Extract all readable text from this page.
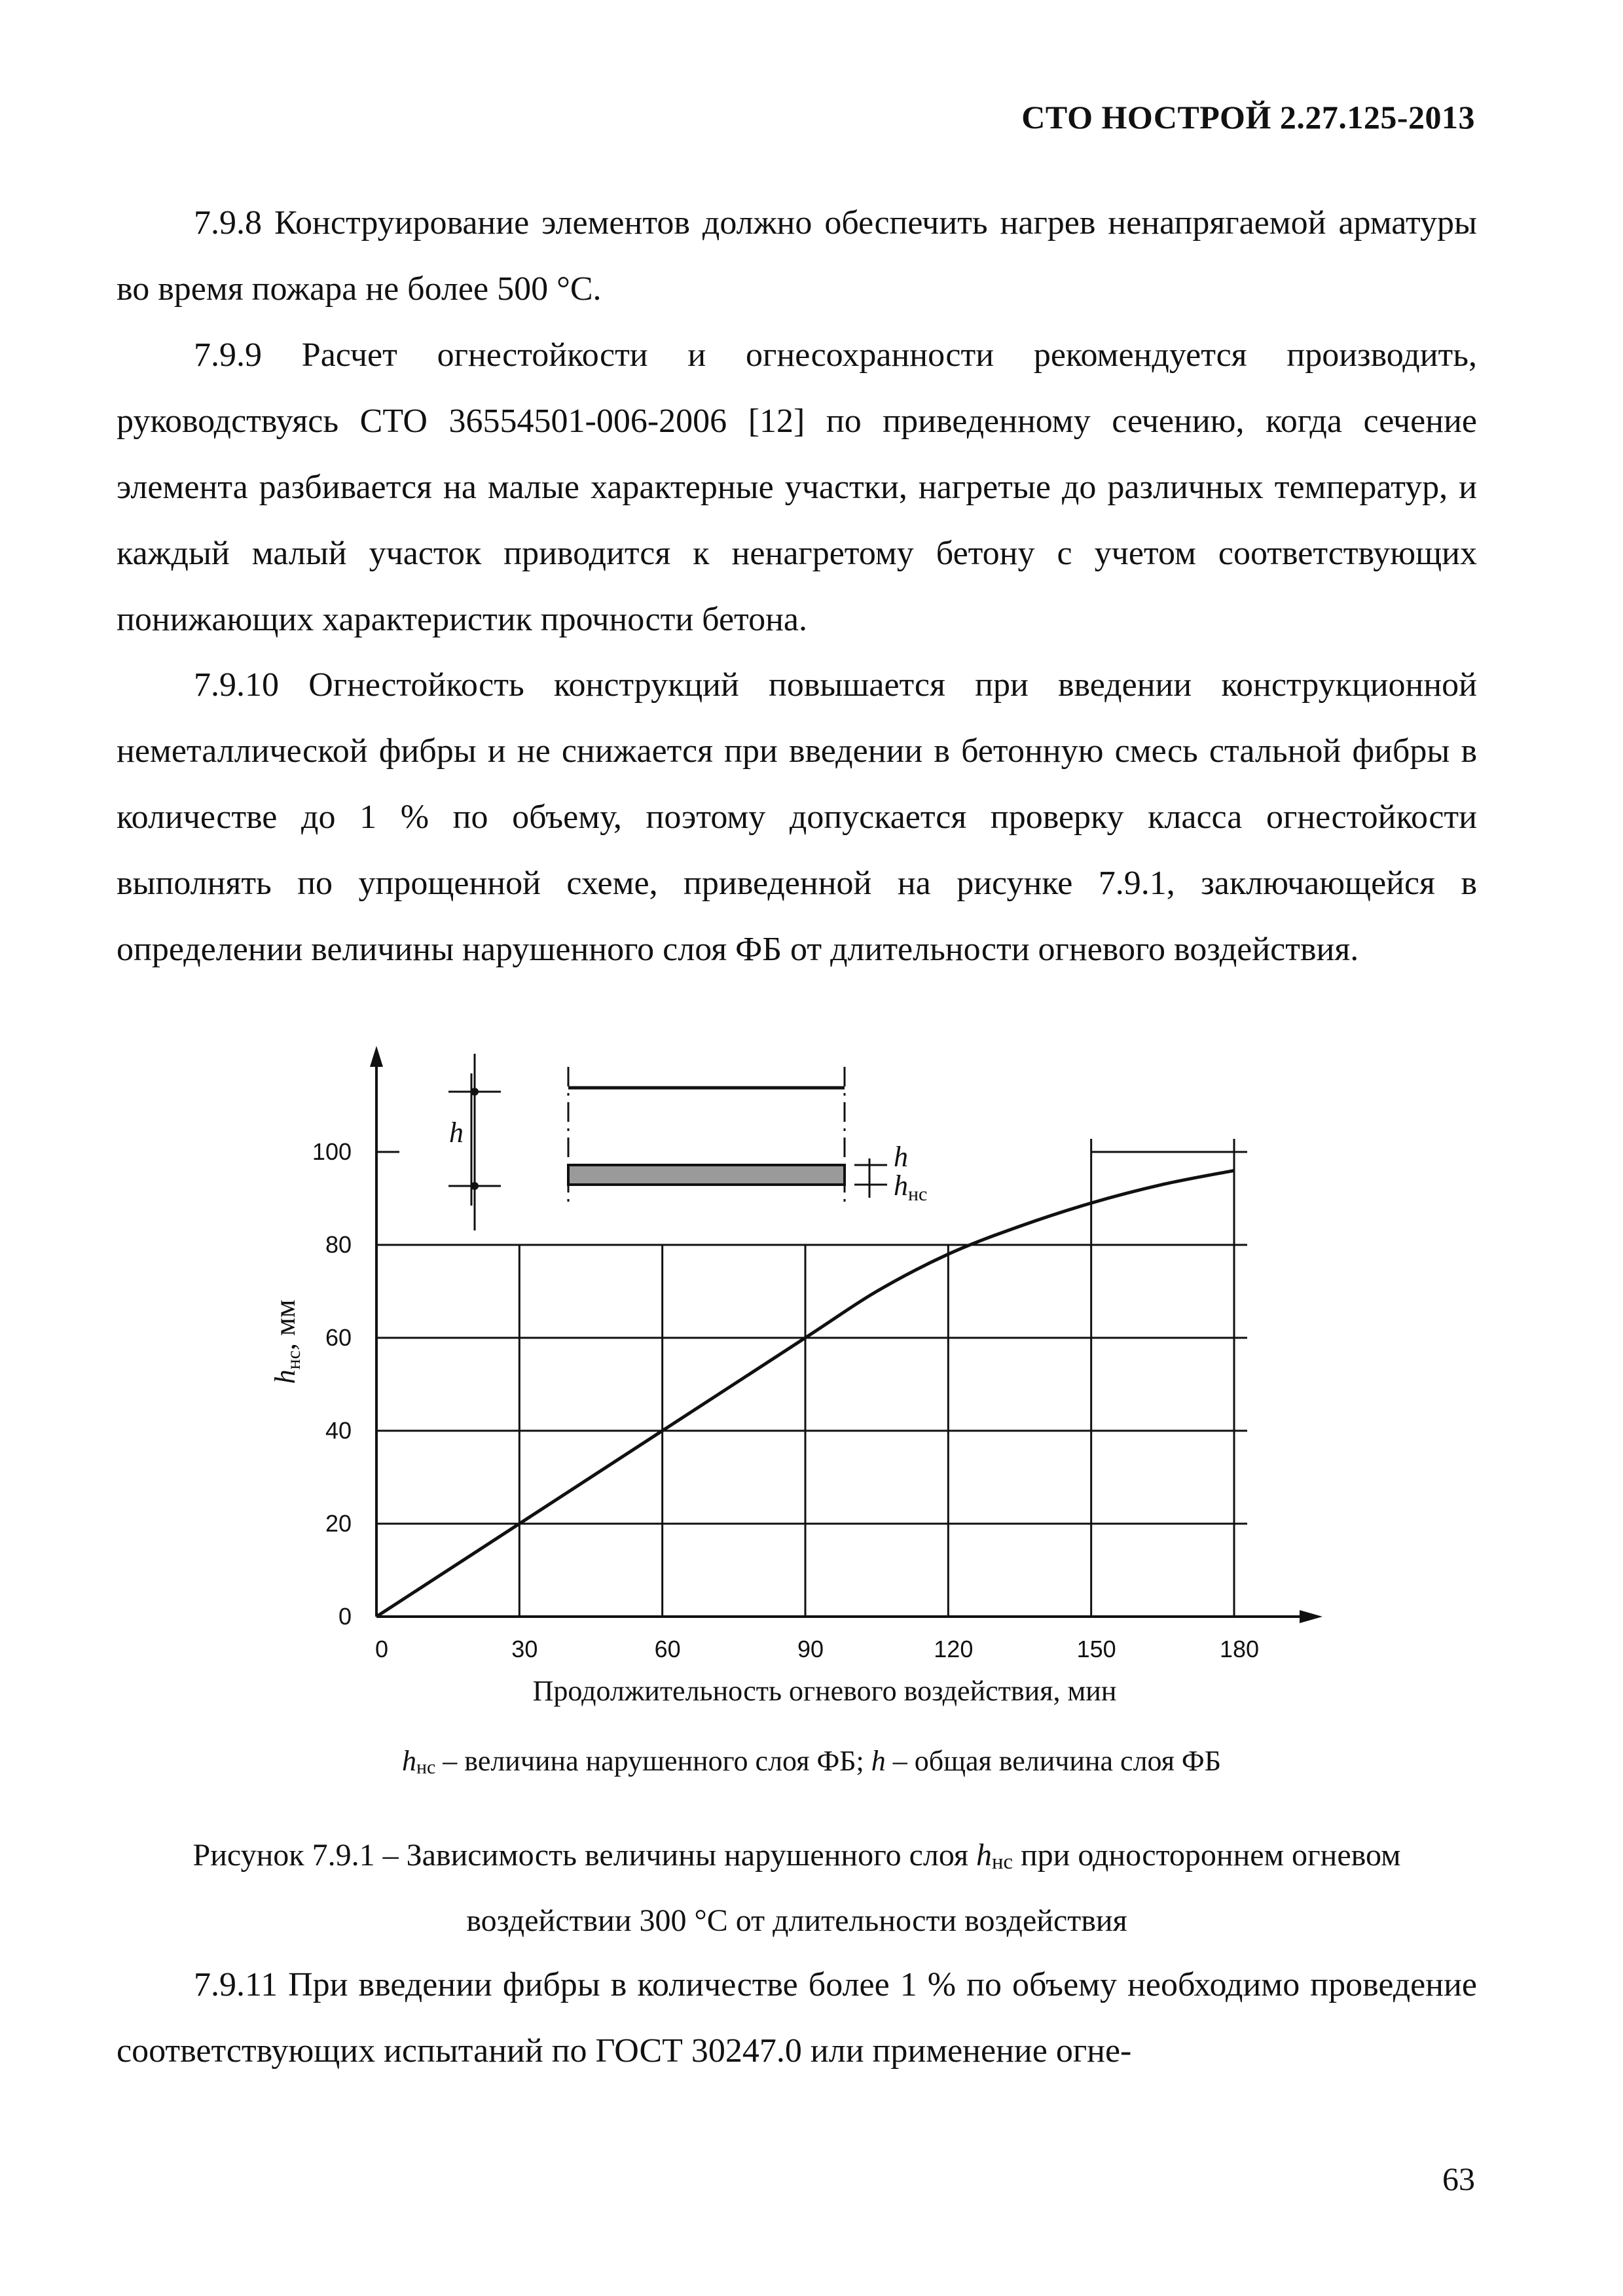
СТО НОСТРОЙ 2.27.125-2013

7.9.8 Конструирование элементов должно обеспечить нагрев ненапрягаемой арматуры во время пожара не более 500 °С.

7.9.9 Расчет огнестойкости и огнесохранности рекомендуется производить, руководствуясь СТО 36554501-006-2006 [12] по приведенному сечению, когда сечение элемента разбивается на малые характерные участки, нагретые до различных температур, и каждый малый участок приводится к ненагретому бетону с учетом соответствующих понижающих характеристик прочности бетона.

7.9.10 Огнестойкость конструкций повышается при введении конструкционной неметаллической фибры и не снижается при введении в бетонную смесь стальной фибры в количестве до 1 % по объему, поэтому допускается проверку класса огнестойкости выполнять по упрощенной схеме, приведенной на рисунке 7.9.1, заключающейся в определении величины нарушенного слоя ФБ от длительности огневого воздействия.

hнс, мм
h
h
hнс
0
20
40
60
80
100
0	30	60	90	120	150	180
Продолжительность огневого воздействия, мин
$h_{нс}$ – величина нарушенного слоя ФБ; h – общая величина слоя ФБ
Рисунок 7.9.1 – Зависимость величины нарушенного слоя $h_{нс}$ при одностороннем огневом воздействии 300 °С от длительности воздействия

7.9.11 При введении фибры в количестве более 1 % по объему необходимо проведение соответствующих испытаний по ГОСТ 30247.0 или применение огне-

63
